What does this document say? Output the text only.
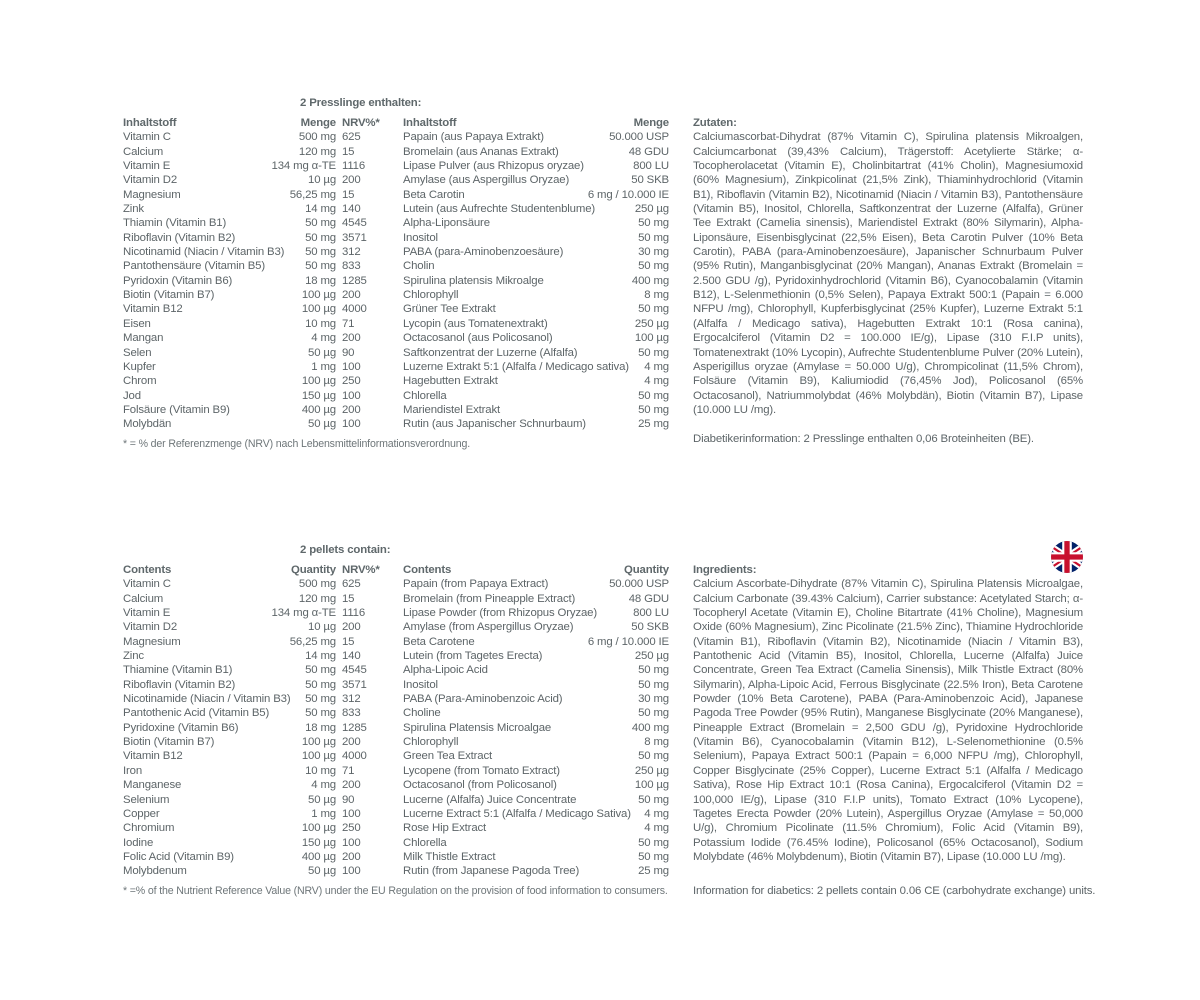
2 Presslinge enthalten:
Inhaltstoff	Menge NRV%* Inhaltstoff	Menge
Vitamin C	500 mg 625	Papain (aus Papaya Extrakt)	50.000 USP
Calcium	120 mg 15	Bromelain (aus Ananas Extrakt)	48 GDU
Vitamin E	134 mg α-TE 1116	Lipase Pulver (aus Rhizopus oryzae)	800 LU
Vitamin D2	10 µg 200	Amylase (aus Aspergillus Oryzae)	50 SKB
Magnesium	56,25 mg 15	Beta Carotin	6 mg / 10.000 IE
Zink	14 mg 140	Lutein (aus Aufrechte Studentenblume)	250 µg
Thiamin (Vitamin B1)	50 mg 4545	Alpha-Liponsäure	50 mg
Riboflavin (Vitamin B2)	50 mg 3571	Inositol	50 mg
Nicotinamid (Niacin / Vitamin B3) 50 mg 312	PABA (para-Aminobenzoesäure)	30 mg
Pantothensäure (Vitamin B5)	50 mg 833	Cholin	50 mg
Pyridoxin (Vitamin B6)	18 mg 1285	Spirulina platensis Mikroalge	400 mg
Biotin (Vitamin B7)	100 µg 200	Chlorophyll	8 mg
Vitamin B12	100 µg 4000	Grüner Tee Extrakt	50 mg
Eisen	10 mg 71	Lycopin (aus Tomatenextrakt)	250 µg
Mangan	4 mg 200	Octacosanol (aus Policosanol)	100 µg
Selen	50 µg 90	Saftkonzentrat der Luzerne (Alfalfa)	50 mg
Kupfer	1 mg 100	Luzerne Extrakt 5:1 (Alfalfa / Medicago sativa) 4 mg
Chrom	100 µg 250	Hagebutten Extrakt	4 mg
Jod	150 µg 100	Chlorella	50 mg
Folsäure (Vitamin B9)	400 µg 200	Mariendistel Extrakt	50 mg
Molybdän	50 µg 100	Rutin (aus Japanischer Schnurbaum)	25 mg
* = % der Referenzmenge (NRV) nach Lebensmittelinformationsverordnung.
Zutaten:
Calciumascorbat-Dihydrat (87% Vitamin C), Spirulina platensis Mikroalgen, Calciumcarbonat (39,43% Calcium), Trägerstoff: Acetylierte Stärke; α-Tocopherolacetat (Vitamin E), Cholinbitartrat (41% Cholin), Magnesiumoxid (60% Magnesium), Zinkpicolinat (21,5% Zink), Thiaminhydrochlorid (Vitamin B1), Riboflavin (Vitamin B2), Nicotinamid (Niacin / Vitamin B3), Pantothensäure (Vitamin B5), Inositol, Chlorella, Saftkonzentrat der Luzerne (Alfalfa), Grüner Tee Extrakt (Camelia sinensis), Mariendistel Extrakt (80% Silymarin), Alpha-Liponsäure, Eisenbisglycinat (22,5% Eisen), Beta Carotin Pulver (10% Beta Carotin), PABA (para-Aminobenzoesäure), Japanischer Schnurbaum Pulver (95% Rutin), Manganbisglycinat (20% Mangan), Ananas Extrakt (Bromelain = 2.500 GDU /g), Pyridoxinhydrochlorid (Vitamin B6), Cyanocobalamin (Vitamin B12), L-Selenmethionin (0,5% Selen), Papaya Extrakt 500:1 (Papain = 6.000 NFPU /mg), Chlorophyll, Kupferbisglycinat (25% Kupfer), Luzerne Extrakt 5:1 (Alfalfa / Medicago sativa), Hagebutten Extrakt 10:1 (Rosa canina), Ergocalciferol (Vitamin D2 = 100.000 IE/g), Lipase (310 F.I.P units), Tomatenextrakt (10% Lycopin), Aufrechte Studentenblume Pulver (20% Lutein), Asperigillus oryzae (Amylase = 50.000 U/g), Chrompicolinat (11,5% Chrom), Folsäure (Vitamin B9), Kaliumiodid (76,45% Jod), Policosanol (65% Octacosanol), Natriummolybdat (46% Molybdän), Biotin (Vitamin B7), Lipase (10.000 LU /mg).
Diabetikerinformation: 2 Presslinge enthalten 0,06 Broteinheiten (BE).
2 pellets contain:
Contents	Quantity NRV%* Contents	Quantity
Vitamin C	500 mg 625	Papain (from Papaya Extract)	50.000 USP
Calcium	120 mg 15	Bromelain (from Pineapple Extract)	48 GDU
Vitamin E	134 mg α-TE 1116	Lipase Powder (from Rhizopus Oryzae)	800 LU
Vitamin D2	10 µg 200	Amylase (from Aspergillus Oryzae)	50 SKB
Magnesium	56,25 mg 15	Beta Carotene	6 mg / 10.000 IE
Zinc	14 mg 140	Lutein (from Tagetes Erecta)	250 µg
Thiamine (Vitamin B1)	50 mg 4545	Alpha-Lipoic Acid	50 mg
Riboflavin (Vitamin B2)	50 mg 3571	Inositol	50 mg
Nicotinamide (Niacin / Vitamin B3) 50 mg 312	PABA (Para-Aminobenzoic Acid)	30 mg
Pantothenic Acid (Vitamin B5)	50 mg 833	Choline	50 mg
Pyridoxine (Vitamin B6)	18 mg 1285	Spirulina Platensis Microalgae	400 mg
Biotin (Vitamin B7)	100 µg 200	Chlorophyll	8 mg
Vitamin B12	100 µg 4000	Green Tea Extract	50 mg
Iron	10 mg 71	Lycopene (from Tomato Extract)	250 µg
Manganese	4 mg 200	Octacosanol (from Policosanol)	100 µg
Selenium	50 µg 90	Lucerne (Alfalfa) Juice Concentrate	50 mg
Copper	1 mg 100	Lucerne Extract 5:1 (Alfalfa / Medicago Sativa) 4 mg
Chromium	100 µg 250	Rose Hip Extract	4 mg
Iodine	150 µg 100	Chlorella	50 mg
Folic Acid (Vitamin B9)	400 µg 200	Milk Thistle Extract	50 mg
Molybdenum	50 µg 100	Rutin (from Japanese Pagoda Tree)	25 mg
* =% of the Nutrient Reference Value (NRV) under the EU Regulation on the provision of food information to consumers.
Ingredients:
Calcium Ascorbate-Dihydrate (87% Vitamin C), Spirulina Platensis Microalgae, Calcium Carbonate (39.43% Calcium), Carrier substance: Acetylated Starch; α-Tocopheryl Acetate (Vitamin E), Choline Bitartrate (41% Choline), Magnesium Oxide (60% Magnesium), Zinc Picolinate (21.5% Zinc), Thiamine Hydrochloride (Vitamin B1), Riboflavin (Vitamin B2), Nicotinamide (Niacin / Vitamin B3), Pantothenic Acid (Vitamin B5), Inositol, Chlorella, Lucerne (Alfalfa) Juice Concentrate, Green Tea Extract (Camelia Sinensis), Milk Thistle Extract (80% Silymarin), Alpha-Lipoic Acid, Ferrous Bisglycinate (22.5% Iron), Beta Carotene Powder (10% Beta Carotene), PABA (Para-Aminobenzoic Acid), Japanese Pagoda Tree Powder (95% Rutin), Manganese Bisglycinate (20% Manganese), Pineapple Extract (Bromelain = 2,500 GDU /g), Pyridoxine Hydrochloride (Vitamin B6), Cyanocobalamin (Vitamin B12), L-Selenomethionine (0.5% Selenium), Papaya Extract 500:1 (Papain = 6,000 NFPU /mg), Chlorophyll, Copper Bisglycinate (25% Copper), Lucerne Extract 5:1 (Alfalfa / Medicago Sativa), Rose Hip Extract 10:1 (Rosa Canina), Ergocalciferol (Vitamin D2 = 100,000 IE/g), Lipase (310 F.I.P units), Tomato Extract (10% Lycopene), Tagetes Erecta Powder (20% Lutein), Aspergillus Oryzae (Amylase = 50,000 U/g), Chromium Picolinate (11.5% Chromium), Folic Acid (Vitamin B9), Potassium Iodide (76.45% Iodine), Policosanol (65% Octacosanol), Sodium Molybdate (46% Molybdenum), Biotin (Vitamin B7), Lipase (10.000 LU /mg).
Information for diabetics: 2 pellets contain 0.06 CE (carbohydrate exchange) units.
